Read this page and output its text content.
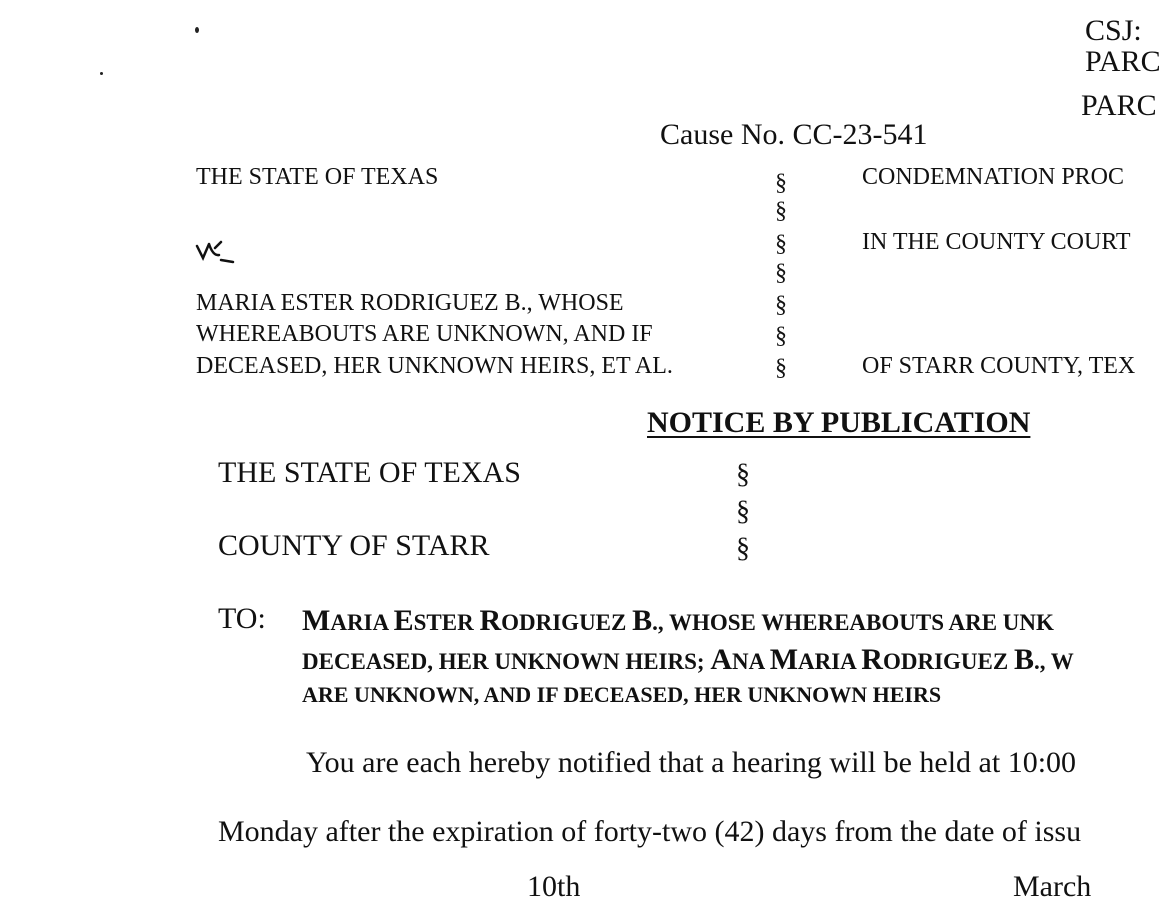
CSJ:
PARC
PARC
Cause No. CC-23-541
THE STATE OF TEXAS
MARIA ESTER RODRIGUEZ B., WHOSE
WHEREABOUTS ARE UNKNOWN, AND IF
DECEASED, HER UNKNOWN HEIRS, ET AL.
§
§
§
§
§
§
§
CONDEMNATION PROC
IN THE COUNTY COURT
OF STARR COUNTY, TEX
NOTICE BY PUBLICATION
THE STATE OF TEXAS
COUNTY OF STARR
§
§
§
TO: MARIA ESTER RODRIGUEZ B., WHOSE WHEREABOUTS ARE UNK
DECEASED, HER UNKNOWN HEIRS; ANA MARIA RODRIGUEZ B., W
ARE UNKNOWN, AND IF DECEASED, HER UNKNOWN HEIRS
You are each hereby notified that a hearing will be held at 10:00
Monday after the expiration of forty-two (42) days from the date of issu
10th	March
